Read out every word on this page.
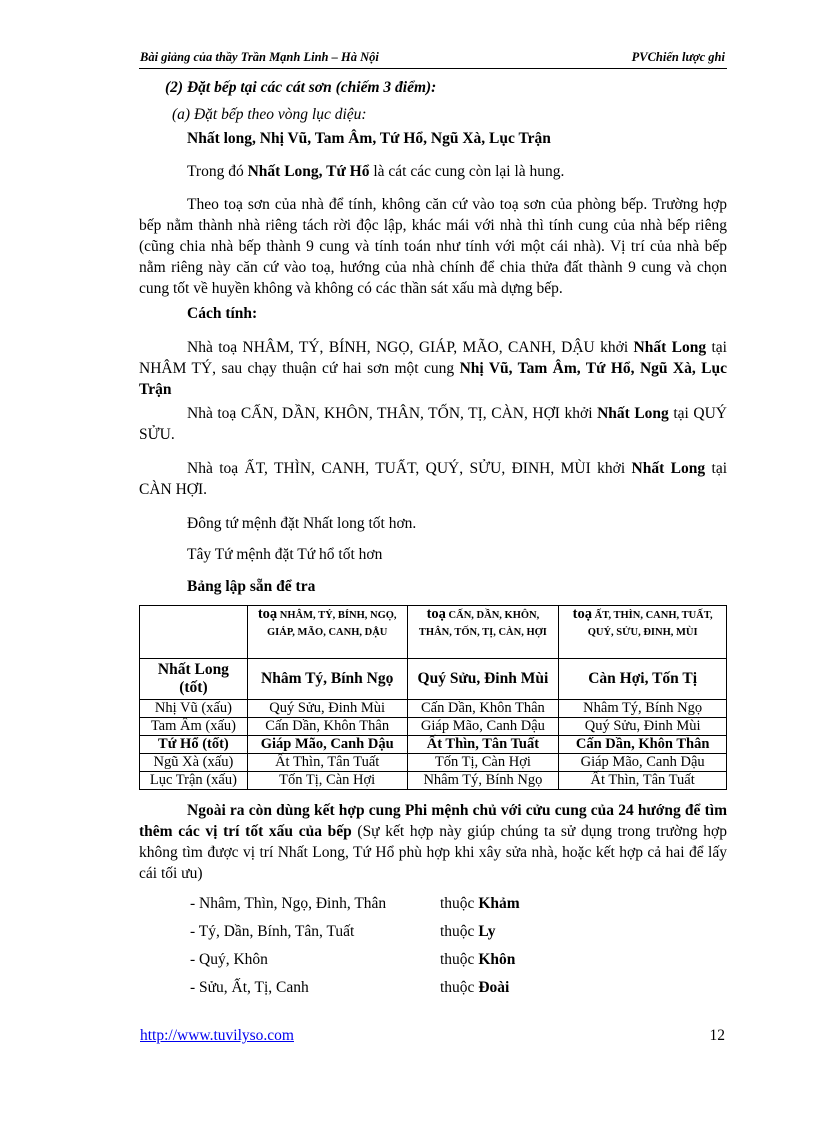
Bài giảng của thầy Trần Mạnh Linh – Hà Nội	PVChiến lược ghi
(2) Đặt bếp tại các cát sơn (chiếm 3 điểm):
(a) Đặt bếp theo vòng lục diệu:
Nhất long, Nhị Vũ, Tam Âm, Tứ Hổ, Ngũ Xà, Lục Trận
Trong đó Nhất Long, Tứ Hổ là cát các cung còn lại là hung.
Theo toạ sơn của nhà để tính, không căn cứ vào toạ sơn của phòng bếp. Trường hợp bếp nằm thành nhà riêng tách rời độc lập, khác mái với nhà thì tính cung của nhà bếp riêng (cũng chia nhà bếp thành 9 cung và tính toán như tính với một cái nhà). Vị trí của nhà bếp nằm riêng này căn cứ vào toạ, hướng của nhà chính để chia thửa đất thành 9 cung và chọn cung tốt về huyền không và không có các thần sát xấu mà dựng bếp.
Cách tính:
Nhà toạ NHÂM, TÝ, BÍNH, NGỌ, GIÁP, MÃO, CANH, DẬU khởi Nhất Long tại NHÂM TÝ, sau chạy thuận cứ hai sơn một cung Nhị Vũ, Tam Âm, Tứ Hổ, Ngũ Xà, Lục Trận
Nhà toạ CẤN, DẦN, KHÔN, THÂN, TỐN, TỊ, CÀN, HỢI khởi Nhất Long tại QUÝ SỬU.
Nhà toạ ẤT, THÌN, CANH, TUẤT, QUÝ, SỬU, ĐINH, MÙI khởi Nhất Long tại CÀN HỢI.
Đông tứ mệnh đặt Nhất long tốt hơn.
Tây Tứ mệnh đặt Tứ hổ tốt hơn
Bảng lập sẵn để tra
	toạ NHÂM, TÝ, BÍNH, NGỌ, GIÁP, MÃO, CANH, DẬU	toạ CẤN, DẦN, KHÔN, THÂN, TỐN, TỊ, CÀN, HỢI	toạ ẤT, THÌN, CANH, TUẤT, QUÝ, SỬU, ĐINH, MÙI
Nhất Long (tốt)	Nhâm Tý, Bính Ngọ	Quý Sửu, Đinh Mùi	Càn Hợi, Tốn Tị
Nhị Vũ (xấu)	Quý Sửu, Đinh Mùi	Cấn Dần, Khôn Thân	Nhâm Tý, Bính Ngọ
Tam Âm (xấu)	Cấn Dần, Khôn Thân	Giáp Mão, Canh Dậu	Quý Sửu, Đinh Mùi
Tứ Hổ (tốt)	Giáp Mão, Canh Dậu	Ất Thìn, Tân Tuất	Cấn Dần, Khôn Thân
Ngũ Xà (xấu)	Ất Thìn, Tân Tuất	Tốn Tị, Càn Hợi	Giáp Mão, Canh Dậu
Lục Trận (xấu)	Tốn Tị, Càn Hợi	Nhâm Tý, Bính Ngọ	Ất Thìn, Tân Tuất
Ngoài ra còn dùng kết hợp cung Phi mệnh chủ với cửu cung của 24 hướng để tìm thêm các vị trí tốt xấu của bếp (Sự kết hợp này giúp chúng ta sử dụng trong trường hợp không tìm được vị trí Nhất Long, Tứ Hổ phù hợp khi xây sửa nhà, hoặc kết hợp cả hai để lấy cái tối ưu)
- Nhâm, Thìn, Ngọ, Đinh, Thân	thuộc Khảm
- Tý, Dần, Bính, Tân, Tuất	thuộc Ly
- Quý, Khôn	thuộc Khôn
- Sửu, Ất, Tị, Canh	thuộc Đoài
http://www.tuvilyso.com	12
